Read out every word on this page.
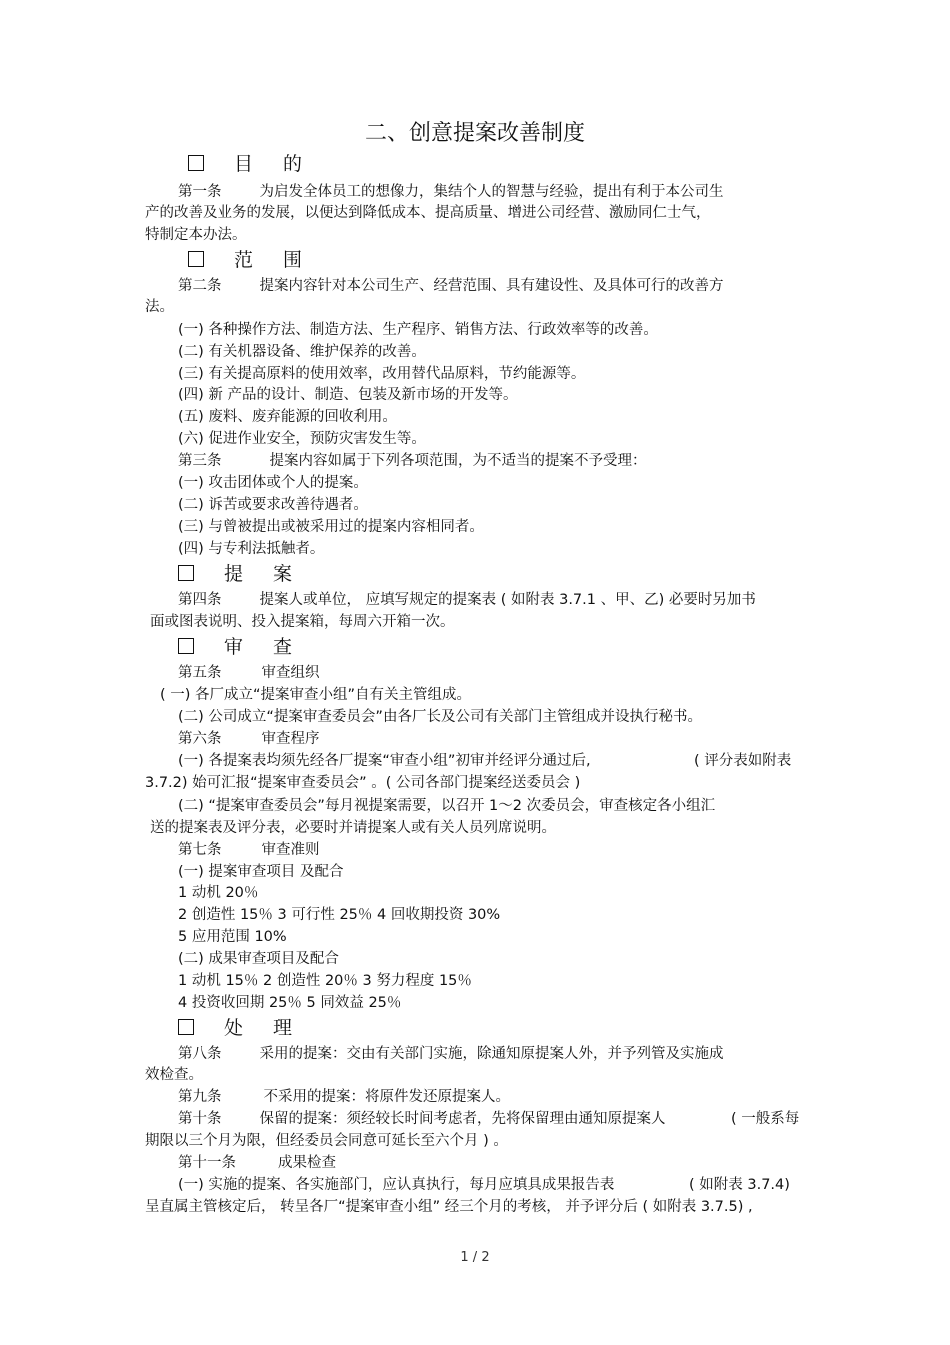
二、创意提案改善制度
目 的
第一条	为启发全体员工的想像力，集结个人的智慧与经验，提出有利于本公司生
产的改善及业务的发展，以便达到降低成本、提高质量、增进公司经营、激励同仁士气，
特制定本办法。
范 围
第二条	提案内容针对本公司生产、经营范围、具有建设性、及具体可行的改善方
法。
(一) 各种操作方法、制造方法、生产程序、销售方法、行政效率等的改善。
(二) 有关机器设备、维护保养的改善。
(三) 有关提高原料的使用效率，改用替代品原料，节约能源等。
(四) 新 产品的设计、制造、包装及新市场的开发等。
(五) 废料、废弃能源的回收利用。
(六) 促进作业安全，预防灾害发生等。
第三条	提案内容如属于下列各项范围，为不适当的提案不予受理：
(一) 攻击团体或个人的提案。
(二) 诉苦或要求改善待遇者。
(三) 与曾被提出或被采用过的提案内容相同者。
(四) 与专利法抵触者。
提 案
第四条	提案人或单位， 应填写规定的提案表 ( 如附表 3.7.1 、甲、乙) 必要时另加书
面或图表说明、投入提案箱，每周六开箱一次。
审 查
第五条	审查组织
( 一) 各厂成立“提案审查小组”自有关主管组成。
(二) 公司成立“提案审查委员会”由各厂长及公司有关部门主管组成并设执行秘书。
第六条	审查程序
(一) 各提案表均须先经各厂提案“审查小组”初审并经评分通过后,	( 评分表如附表
3.7.2) 始可汇报“提案审查委员会” 。( 公司各部门提案经送委员会 )
(二) “提案审查委员会”每月视提案需要，以召开 1～2 次委员会，审查核定各小组汇
送的提案表及评分表，必要时并请提案人或有关人员列席说明。
第七条	审查准则
(一) 提案审查项目 及配合
1 动机 20％
2 创造性 15％ 3 可行性 25％ 4 回收期投资 30%
5 应用范围 10%
(二) 成果审查项目及配合
1 动机 15％ 2 创造性 20％ 3 努力程度 15％
4 投资收回期 25％ 5 同效益 25％
处 理
第八条	采用的提案：交由有关部门实施，除通知原提案人外，并予列管及实施成
效检查。
第九条	不采用的提案：将原件发还原提案人。
第十条	保留的提案：须经较长时间考虑者，先将保留理由通知原提案人	( 一般系每
期限以三个月为限，但经委员会同意可延长至六个月 ) 。
第十一条	成果检查
(一) 实施的提案、各实施部门，应认真执行，每月应填具成果报告表	( 如附表 3.7.4)
呈直属主管核定后， 转呈各厂“提案审查小组” 经三个月的考核， 并予评分后 ( 如附表 3.7.5) ,
1 / 2
